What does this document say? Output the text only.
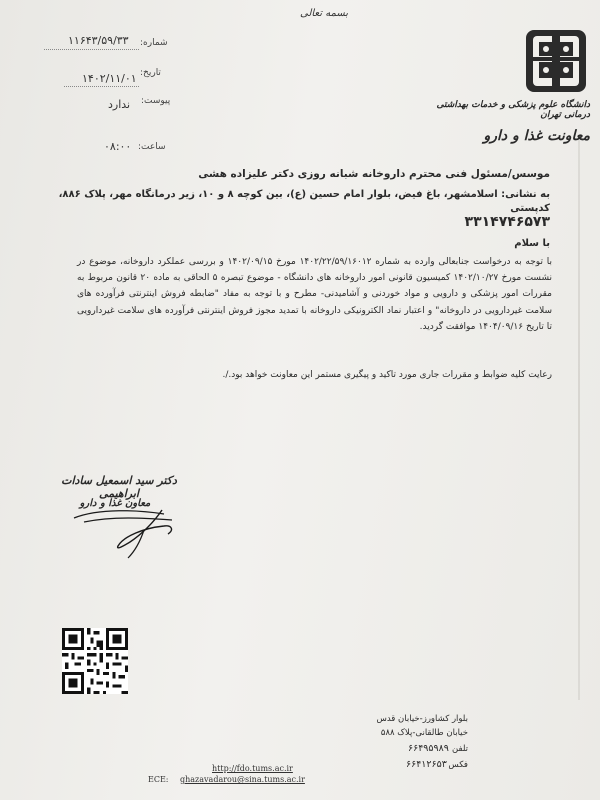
بسمه تعالی
شماره:
۱۱۶۴۳/۵۹/۳۳
تاریخ:
۱۴۰۲/۱۱/۰۱
پیوست:
ندارد
ساعت:
۰۸:۰۰
دانشگاه علوم پزشکی و خدمات بهداشتی درمانی تهران
معاونت غذا و دارو
موسس/مسئول فنی محترم داروخانه شبانه روزی دکتر علیزاده هشی
به نشانی: اسلامشهر، باغ فیض، بلوار امام حسین (ع)، بین کوچه ۸ و ۱۰، زیر درمانگاه مهر، پلاک ۸۸۶، کدپستی
۳۳۱۴۷۴۶۵۷۳
با سلام
با توجه به درخواست جنابعالی وارده به شماره ۱۴۰۲/۲۲/۵۹/۱۶۰۱۲ مورخ ۱۴۰۲/۰۹/۱۵ و بررسی عملکرد داروخانه، موضوع در نشست مورخ ۱۴۰۲/۱۰/۲۷ کمیسیون قانونی امور داروخانه های دانشگاه - موضوع تبصره ۵ الحاقی به ماده ۲۰ قانون مربوط به مقررات امور پزشکی و دارویی و مواد خوردنی و آشامیدنی- مطرح و با توجه به مفاد "ضابطه فروش اینترنتی فرآورده های سلامت غیردارویی در داروخانه" و اعتبار نماد الکترونیکی داروخانه با تمدید مجوز فروش اینترنتی فرآورده های سلامت غیردارویی تا تاریخ ۱۴۰۴/۰۹/۱۶ موافقت گردید.
رعایت کلیه ضوابط و مقررات جاری مورد تاکید و پیگیری مستمر این معاونت خواهد بود./.
دکتر سید اسمعیل سادات ابراهیمی
معاون غذا و دارو
بلوار کشاورز-خیابان قدس
خیابان طالقانی-پلاک ۵۸۸
تلفن
۶۶۴۹۵۹۸۹
فکس
۶۶۴۱۲۶۵۳
http://fdo.tums.ac.ir
ECE: ghazavadarou@sina.tums.ac.ir
